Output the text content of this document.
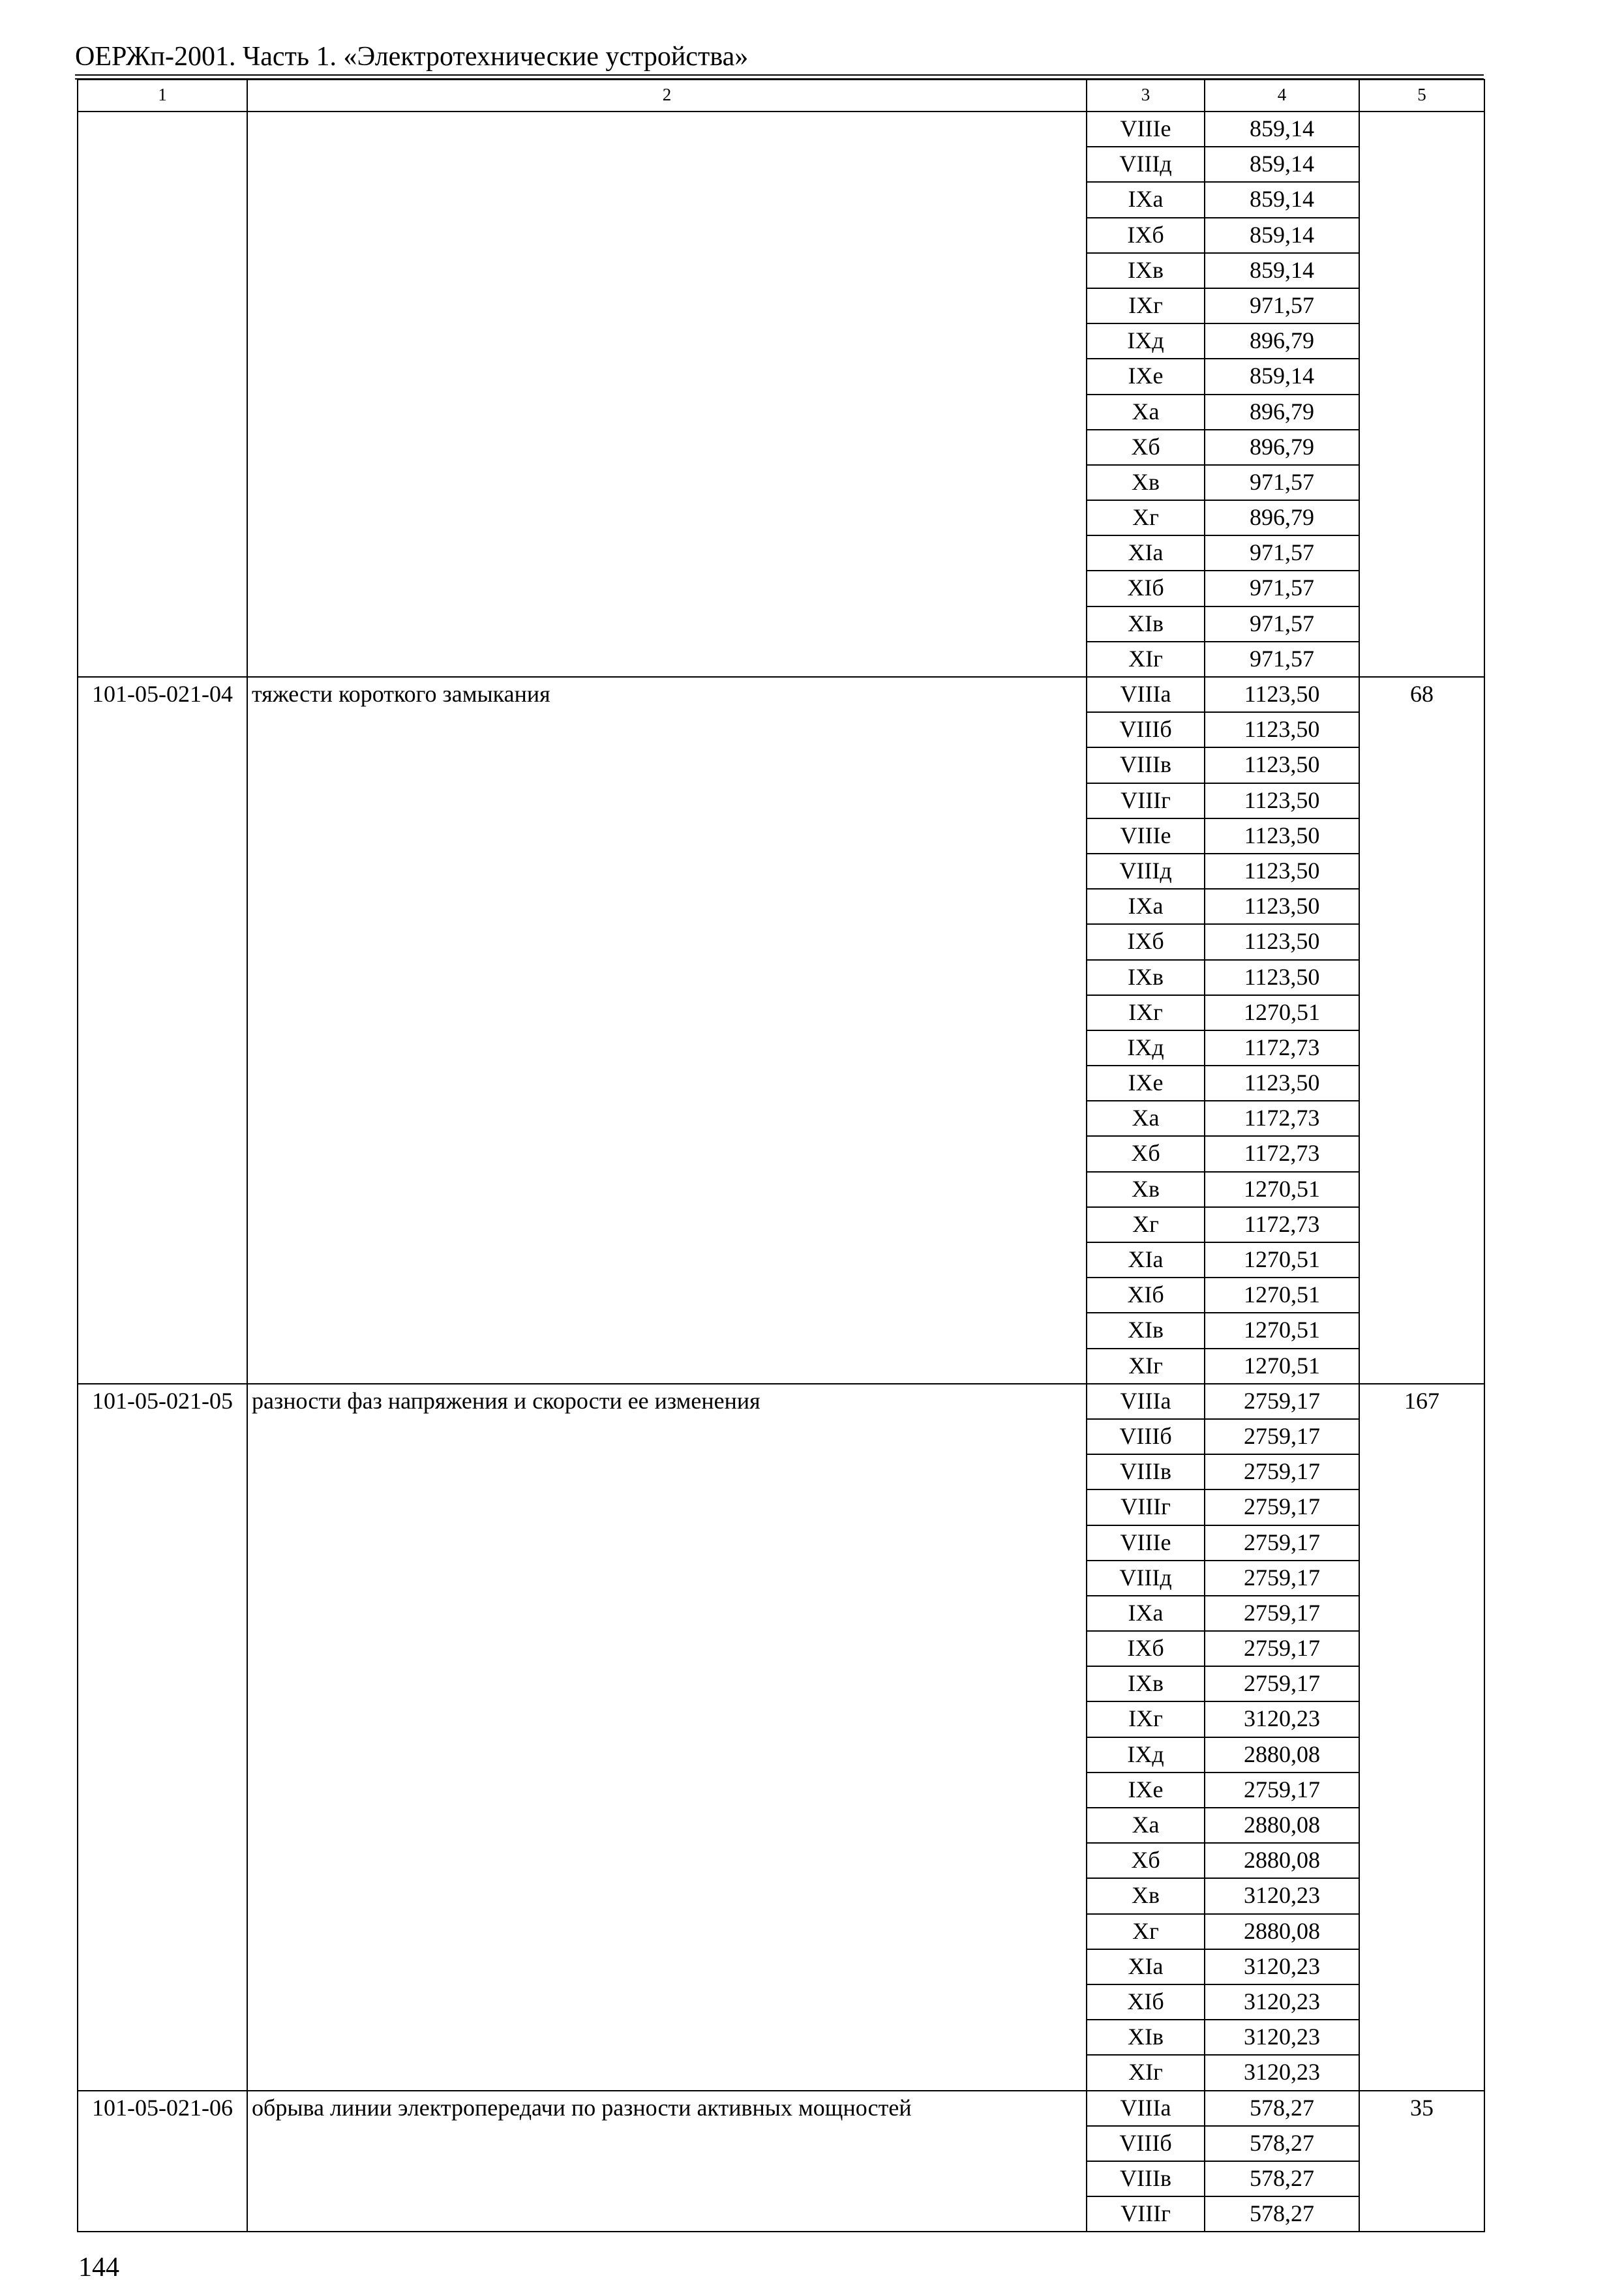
ОЕРЖп-2001. Часть 1. «Электротехнические устройства»
1	2	3	4	5
		VIIIе	859,14	
		VIIIд	859,14	
		IXа	859,14	
		IXб	859,14	
		IXв	859,14	
		IXг	971,57	
		IXд	896,79	
		IXе	859,14	
		Xа	896,79	
		Xб	896,79	
		Xв	971,57	
		Xг	896,79	
		XIа	971,57	
		XIб	971,57	
		XIв	971,57	
		XIг	971,57	
101-05-021-04	тяжести короткого замыкания	VIIIа	1123,50	68
		VIIIб	1123,50	
		VIIIв	1123,50	
		VIIIг	1123,50	
		VIIIе	1123,50	
		VIIIд	1123,50	
		IXа	1123,50	
		IXб	1123,50	
		IXв	1123,50	
		IXг	1270,51	
		IXд	1172,73	
		IXе	1123,50	
		Xа	1172,73	
		Xб	1172,73	
		Xв	1270,51	
		Xг	1172,73	
		XIа	1270,51	
		XIб	1270,51	
		XIв	1270,51	
		XIг	1270,51	
101-05-021-05	разности фаз напряжения и скорости ее изменения	VIIIа	2759,17	167
		VIIIб	2759,17	
		VIIIв	2759,17	
		VIIIг	2759,17	
		VIIIе	2759,17	
		VIIIд	2759,17	
		IXа	2759,17	
		IXб	2759,17	
		IXв	2759,17	
		IXг	3120,23	
		IXд	2880,08	
		IXе	2759,17	
		Xа	2880,08	
		Xб	2880,08	
		Xв	3120,23	
		Xг	2880,08	
		XIа	3120,23	
		XIб	3120,23	
		XIв	3120,23	
		XIг	3120,23	
101-05-021-06	обрыва линии электропередачи по разности активных мощностей	VIIIа	578,27	35
		VIIIб	578,27	
		VIIIв	578,27	
		VIIIг	578,27	
144
